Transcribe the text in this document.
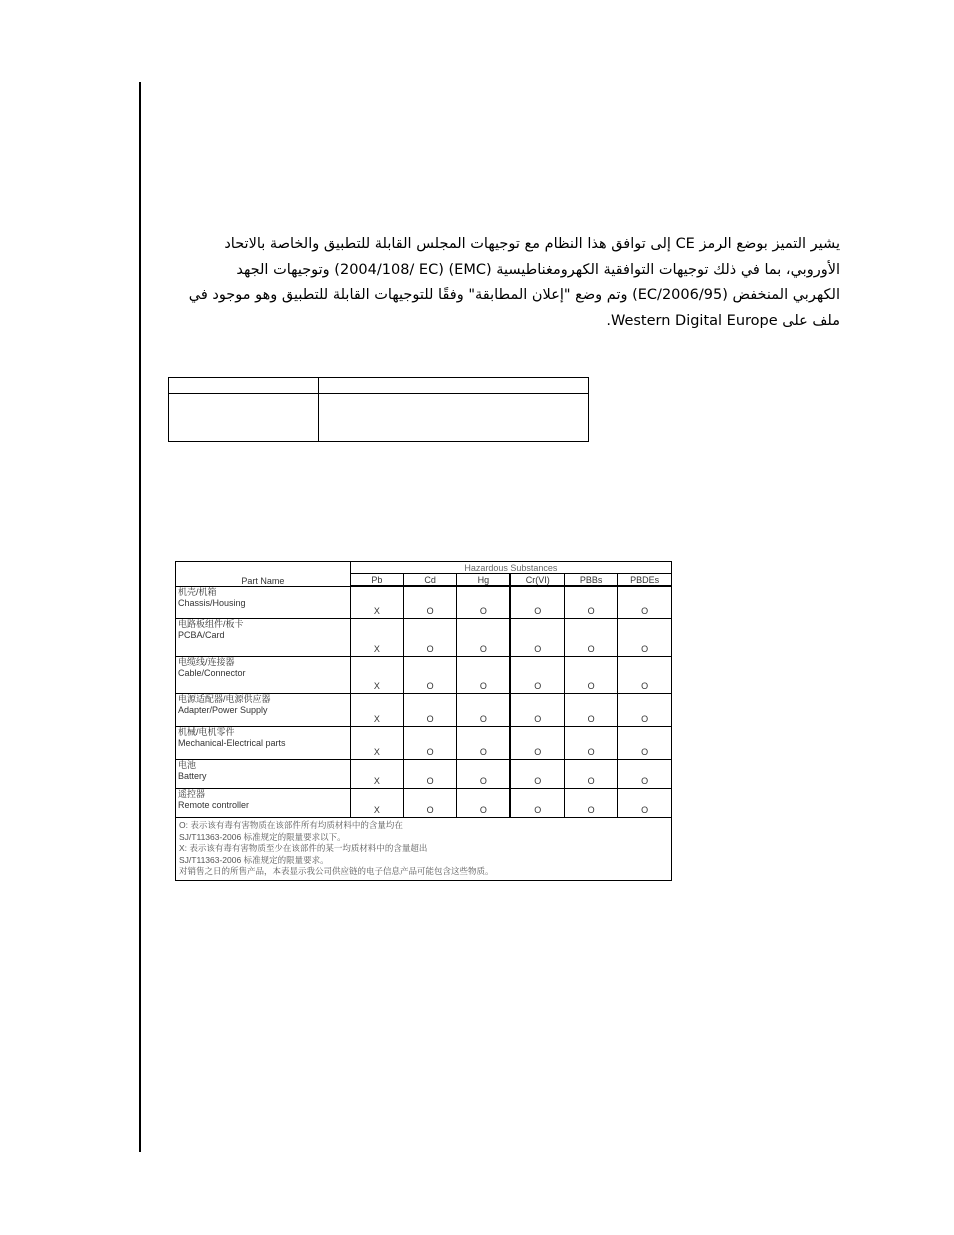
يشير التميز بوضع الرمز CE إلى توافق هذا النظام مع توجيهات المجلس القابلة للتطبيق والخاصة بالاتحاد
الأوروبي، بما في ذلك توجيهات التوافقية الكهرومغناطيسية (EMC) (2004/108/ EC) وتوجيهات الجهد
الكهربي المنخفض (2006/95/EC) وتم وضع "إعلان المطابقة" وفقًا للتوجيهات القابلة للتطبيق وهو موجود في
ملف على Western Digital Europe.

Part Name	Hazardous Substances					
	Pb	Cd	Hg	Cr(VI)	PBBs	PBDEs
机壳/机箱
Chassis/Housing	X	O	O	O	O	O
电路板组件/板卡
PCBA/Card	X	O	O	O	O	O
电缆线/连接器
Cable/Connector	X	O	O	O	O	O
电源适配器/电源供应器
Adapter/Power Supply	X	O	O	O	O	O
机械/电机零件
Mechanical-Electrical parts	X	O	O	O	O	O
电池
Battery	X	O	O	O	O	O
遥控器
Remote controller	X	O	O	O	O	O

O: 表示该有毒有害物质在该部件所有均质材料中的含量均在
SJ/T11363-2006 标准规定的限量要求以下。
X: 表示该有毒有害物质至少在该部件的某一均质材料中的含量超出
SJ/T11363-2006 标准规定的限量要求。
对销售之日的所售产品，本表显示我公司供应链的电子信息产品可能包含这些物质。						
